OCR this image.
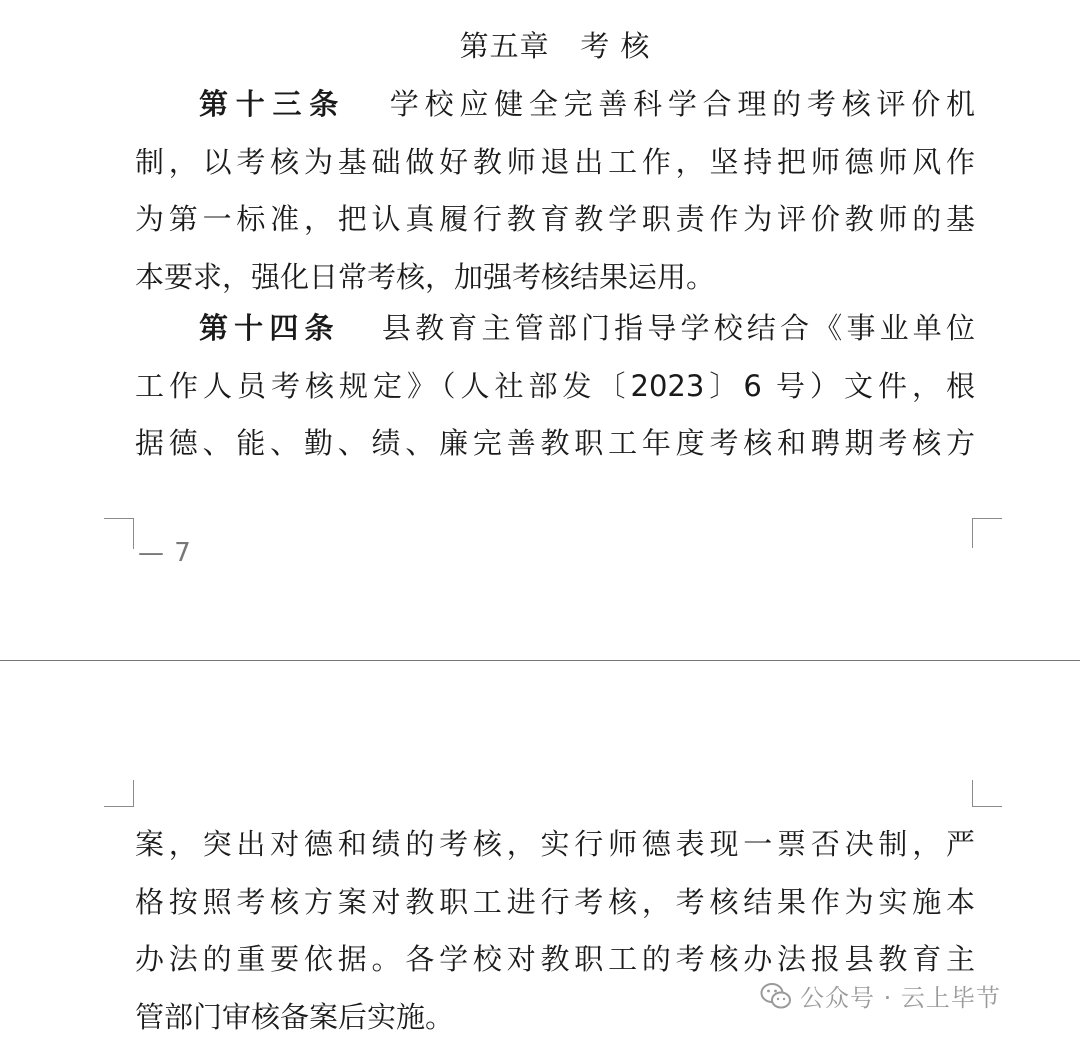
第五章   考 核
第十三条 学校应健全完善科学合理的考核评价机
制，以考核为基础做好教师退出工作，坚持把师德师风作
为第一标准，把认真履行教育教学职责作为评价教师的基
本要求，强化日常考核，加强考核结果运用。
第十四条 县教育主管部门指导学校结合《事业单位
工作人员考核规定》（人社部发〔2023〕6 号）文件，根
据德、能、勤、绩、廉完善教职工年度考核和聘期考核方
— 7
案，突出对德和绩的考核，实行师德表现一票否决制，严
格按照考核方案对教职工进行考核，考核结果作为实施本
办法的重要依据。各学校对教职工的考核办法报县教育主
管部门审核备案后实施。
公众号 · 云上毕节
